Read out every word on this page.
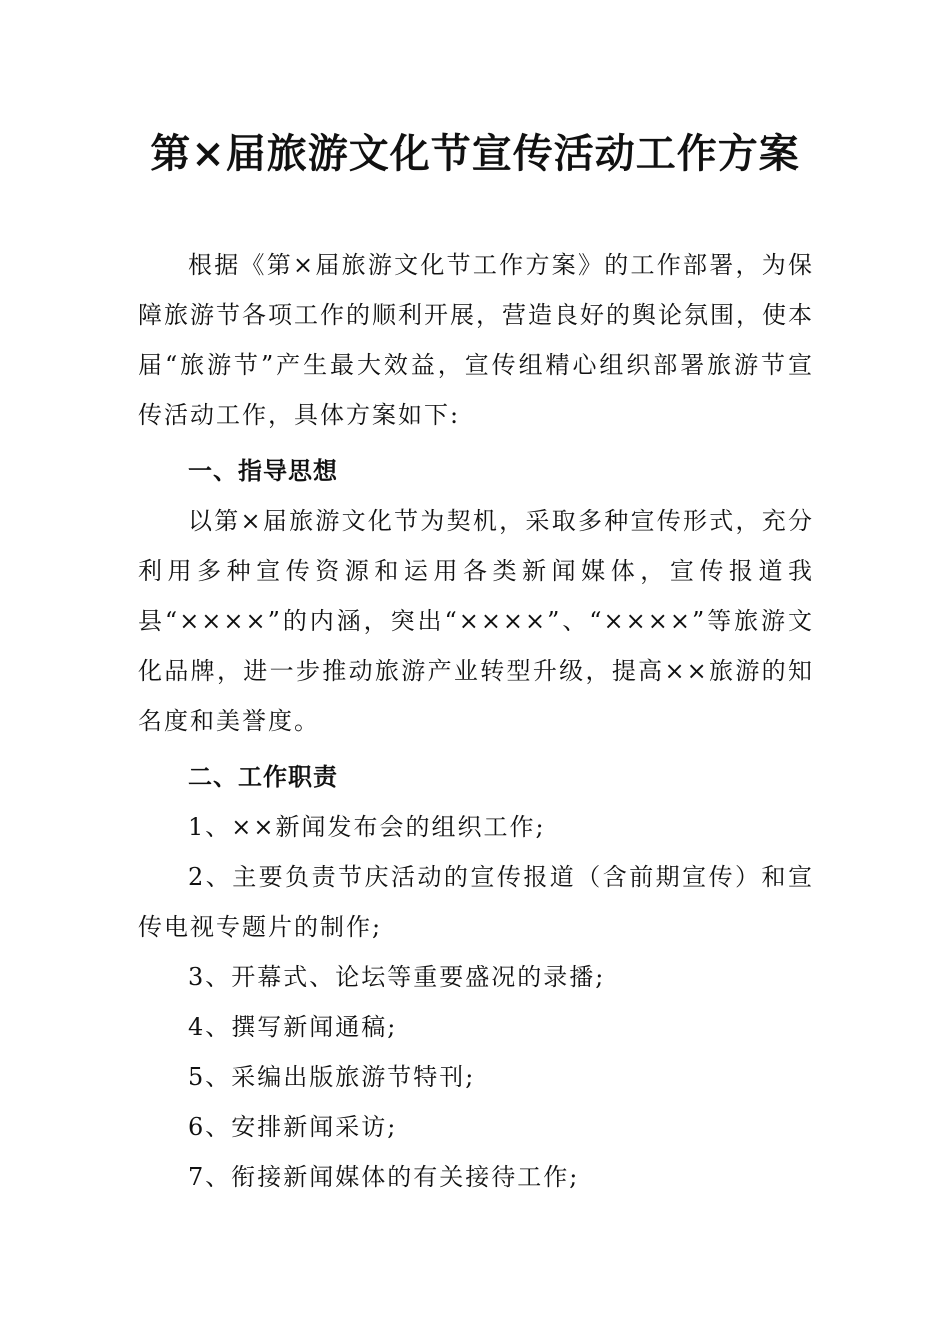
第×届旅游文化节宣传活动工作方案

根据《第×届旅游文化节工作方案》的工作部署，为保障旅游节各项工作的顺利开展，营造良好的舆论氛围，使本届“旅游节”产生最大效益，宣传组精心组织部署旅游节宣传活动工作，具体方案如下:

一、指导思想

以第×届旅游文化节为契机，采取多种宣传形式，充分利用多种宣传资源和运用各类新闻媒体，宣传报道我县“××××”的内涵，突出“××××”、“××××”等旅游文化品牌，进一步推动旅游产业转型升级，提高××旅游的知名度和美誉度。

二、工作职责

1、××新闻发布会的组织工作;

2、主要负责节庆活动的宣传报道（含前期宣传）和宣传电视专题片的制作;

3、开幕式、论坛等重要盛况的录播;

4、撰写新闻通稿;

5、采编出版旅游节特刊;

6、安排新闻采访;

7、衔接新闻媒体的有关接待工作;
